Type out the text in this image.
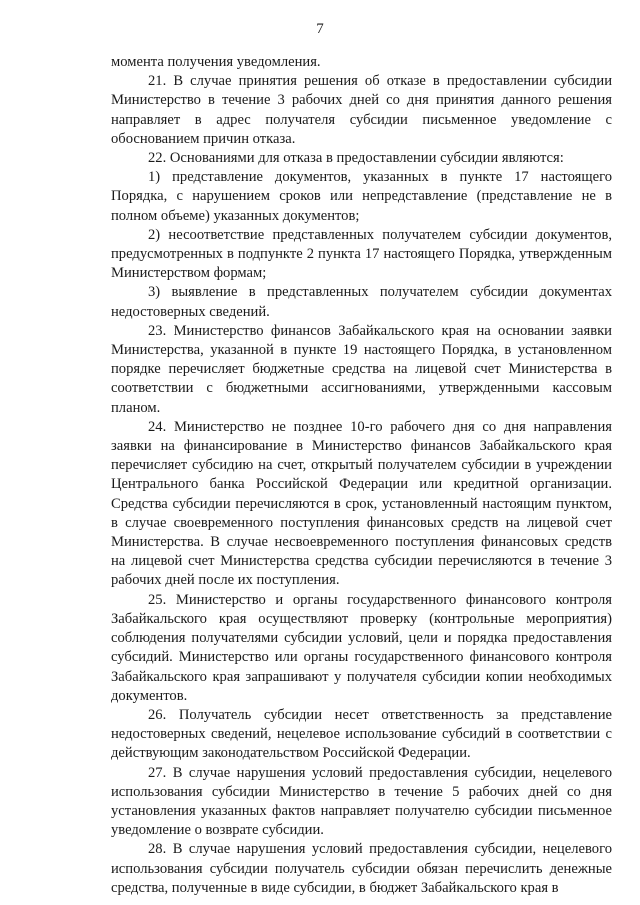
7

момента получения уведомления.

21. В случае принятия решения об отказе в предоставлении субсидии Министерство в течение 3 рабочих дней со дня принятия данного решения направляет в адрес получателя субсидии письменное уведомление с обоснованием причин отказа.

22. Основаниями для отказа в предоставлении субсидии являются:

1) представление документов, указанных в пункте 17 настоящего Порядка, с нарушением сроков или непредставление (представление не в полном объеме) указанных документов;

2) несоответствие представленных получателем субсидии документов, предусмотренных в подпункте 2 пункта 17 настоящего Порядка, утвержденным Министерством формам;

3) выявление в представленных получателем субсидии документах недостоверных сведений.

23. Министерство финансов Забайкальского края на основании заявки Министерства, указанной в пункте 19 настоящего Порядка, в установленном порядке перечисляет бюджетные средства на лицевой счет Министерства в соответствии с бюджетными ассигнованиями, утвержденными кассовым планом.

24. Министерство не позднее 10-го рабочего дня со дня направления заявки на финансирование в Министерство финансов Забайкальского края перечисляет субсидию на счет, открытый получателем субсидии в учреждении Центрального банка Российской Федерации или кредитной организации. Средства субсидии перечисляются в срок, установленный настоящим пунктом, в случае своевременного поступления финансовых средств на лицевой счет Министерства. В случае несвоевременного поступления финансовых средств на лицевой счет Министерства средства субсидии перечисляются в течение 3 рабочих дней после их поступления.

25. Министерство и органы государственного финансового контроля Забайкальского края осуществляют проверку (контрольные мероприятия) соблюдения получателями субсидии условий, цели и порядка предоставления субсидий. Министерство или органы государственного финансового контроля Забайкальского края запрашивают у получателя субсидии копии необходимых документов.

26. Получатель субсидии несет ответственность за представление недостоверных сведений, нецелевое использование субсидий в соответствии с действующим законодательством Российской Федерации.

27. В случае нарушения условий предоставления субсидии, нецелевого использования субсидии Министерство в течение 5 рабочих дней со дня установления указанных фактов направляет получателю субсидии письменное уведомление о возврате субсидии.

28. В случае нарушения условий предоставления субсидии, нецелевого использования субсидии получатель субсидии обязан перечислить денежные средства, полученные в виде субсидии, в бюджет Забайкальского края в
